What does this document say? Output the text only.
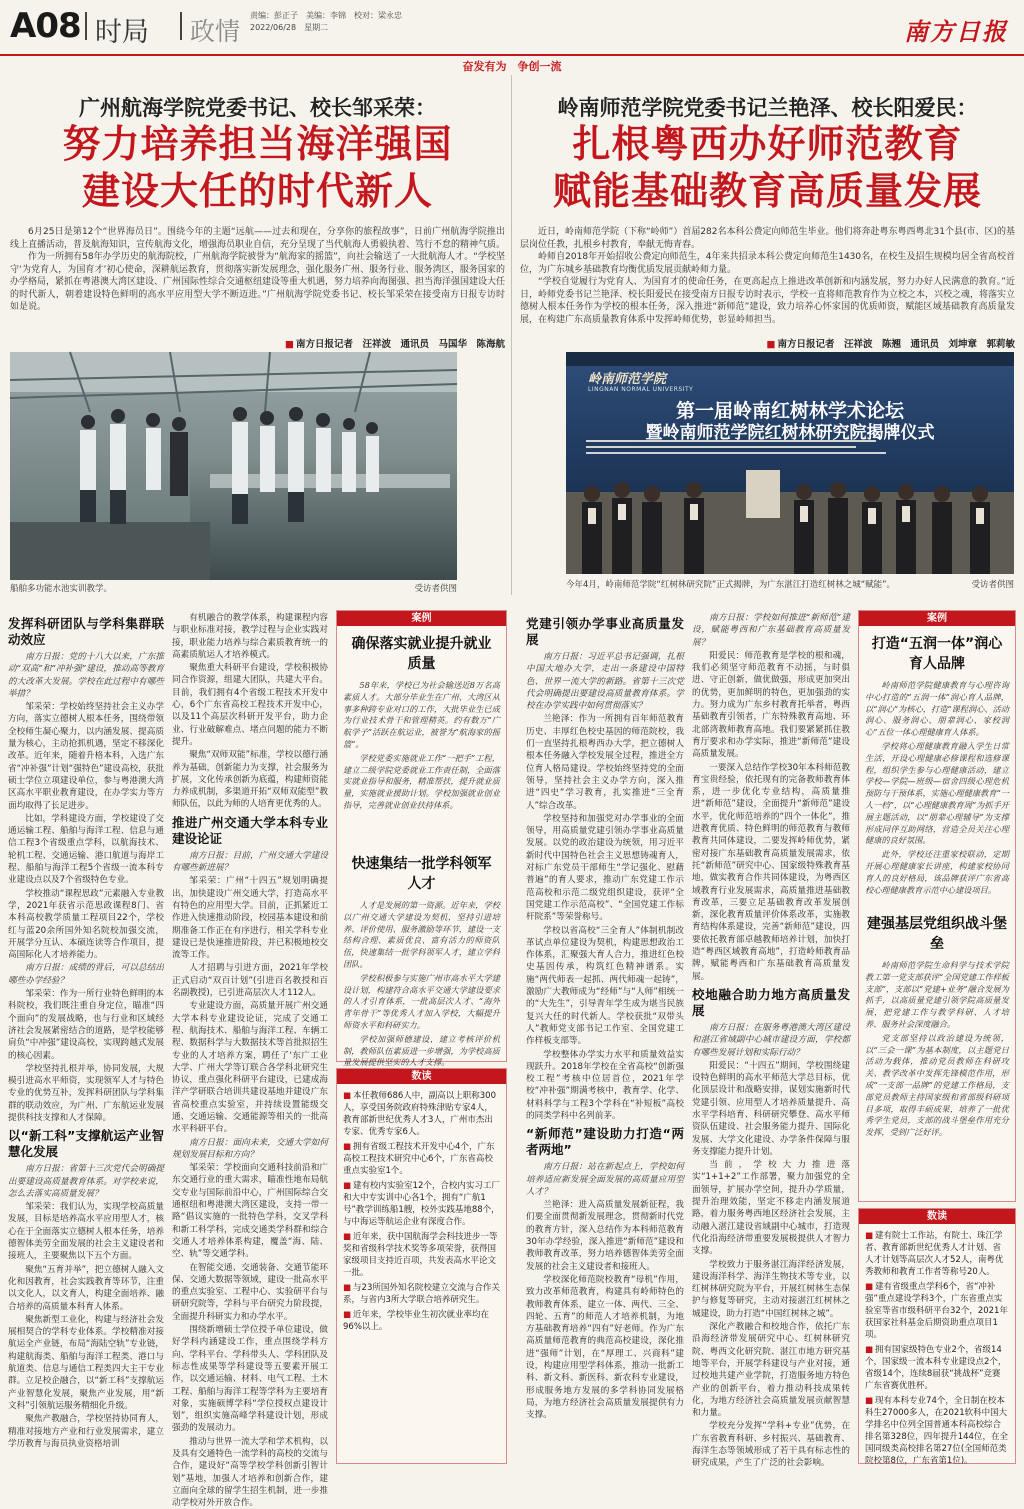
A08 时局 政情
责编：彭正子 美编：李锦 校对：梁永忠
2022/06/28 星期二	南方日报
奋发有为　争创一流
广州航海学院党委书记、校长邹采荣：
努力培养担当海洋强国
建设大任的时代新人

6月25日是第12个“世界海员日”。围绕今年的主题“远航——过去和现在，分享你的旅程故事”，日前广州航海学院推出线上直播活动，普及航海知识，宣传航海文化，增强海员职业自信，充分呈现了当代航海人勇毅执着、笃行不怠的精神气质。

作为一所拥有58年办学历史的航海院校，广州航海学院被誉为“航海家的摇篮”，向社会输送了一大批航海人才。“学校坚守‘为党育人，为国育才’初心使命，深耕航运教育，贯彻落实新发展理念，强化服务广州、服务行业、服务湾区，服务国家的办学格局，紧抓在粤港澳大湾区建设、广州国际性综合交通枢纽建设等重大机遇，努力培养向海图强、担当海洋强国建设大任的时代新人，朝着建设特色鲜明的高水平应用型大学不断迈进。”广州航海学院党委书记、校长邹采荣在接受南方日报专访时如是说。

■ 南方日报记者　汪祥波　通讯员　马国华　陈海航
船舶多功能水池实训教学。	受访者供图

发挥科研团队与学科集群联动效应

南方日报：党的十八大以来，广东推动“双高”和“冲补强”建设，推动高等教育的大改革大发展。学校在此过程中有哪些举措？

邹采荣：学校始终坚持社会主义办学方向，落实立德树人根本任务，围绕带领全校师生凝心聚力，以内涵发展、提高质量为核心，主动抢抓机遇，坚定不移深化改革。近年来，随着升格本科，入选广东省“冲补强”计划“强特色”建设高校，获批硕士学位立项建设单位，参与粤港澳大湾区高水平职业教育建设，在办学实力等方面均取得了长足进步。

比如，学科建设方面，学校建设了交通运输工程、船舶与海洋工程、信息与通信工程3个省级重点学科，以航海技术、轮机工程、交通运输、港口航道与海岸工程、船舶与海洋工程5个省级一流本科专业建设点以及7个省级特色专业。

学校推动“课程思政”元素融入专业教学，2021年获省示范思政课程8门、省本科高校教学质量工程项目22个，学校红与蓝20余所国外知名院校加强交流，开展学分互认、本硕连读等合作项目，提高国际化人才培养能力。

南方日报：成绩的背后，可以总结出哪些办学经验？

邹采荣：作为一所行业特色鲜明的本科院校，我们既注重自身定位，瞄准“四个面向”的发展战略，也与行业和区域经济社会发展紧密结合的道路，是学校能够肩负“中冲强”建设高校，实现跨越式发展的核心因素。

学校坚持扎根并举，协同发展，大规模引进高水平师资，实现领军人才与特色专业的优势互补，发挥科研团队与学科集群的联动效应，为广州、广东航运业发展提供科技支撑和人才保障。

以“新工科”支撑航运产业智慧化发展

南方日报：省第十三次党代会明确提出要建设高质量教育体系。对学校来说，怎么去落实高质量发展？

邹采荣：我们认为，实现学校高质量发展，目标是培养高水平应用型人才，核心在于全面落实立德树人根本任务，培养德智体美劳全面发展的社会主义建设者和接班人，主要聚焦以下五个方面。

聚焦“五育并举”，把立德树人融入文化和因教育，社会实践教育等环节，注重以文化人，以文育人，构建全面培养、融合培养的高质量本科育人体系。

聚焦新型工业化，构建与经济社会发展相契合的学科专业体系。学校精准对接航运全产业链，布局“海陆空轨”专业链，构建航海类、船舶与海洋工程类、港口与航道类、信息与通信工程类四大主干专业群。立足校企融合，以“新工科”支撑航运产业智慧化发展，聚焦产业发展，用“新文科”引领航运服务精细化升级。

聚焦产教融合，学校坚持协同育人，精准对接地方产业和行业发展需求，建立学历教育与海员执业资格培训

有机融合的教学体系，构建课程内容与职业标准对接，教学过程与企业实践对接，职业能力培养与综合素质教育统一的高素质航运人才培养模式。

聚焦重大科研平台建设，学校积极协同合作资源，组建大团队，共建大平台。目前，我们拥有4个省级工程技术开发中心，6个广东省高校工程技术开发中心，以及11个高层次科研开发平台，助力企业、行业破解难点、堵点问题的能力不断提升。

聚焦“双师双能”标准，学校以德行涵养为基础，创新能力为支撑，社会服务为扩展，文化传承创新为底蕴，构建师资能力养成机制，多渠道开拓“双师双能型”教师队伍，以此为师的人培育更优秀的人。

推进广州交通大学本科专业建设论证

南方日报：目前，广州交通大学建设有哪些新进展？

邹采荣：广州“十四五”规划明确提出，加快建设广州交通大学，打造高水平有特色的应用型大学。目前，正抓紧近工作进入快速推动阶段，校园基本建设和前期准备工作正在有序进行，相关学科专业建设已是快速推进阶段，并已积极地校交流等工作。

人才招聘与引进方面，2021年学校正式启动“双百计划”(引进百名教授和百名副教授)，已引进高层次人才112人。

专业建设方面，高质量开展广州交通大学本科专业建设论证，完成了交通工程、航海技术、船舶与海洋工程、车辆工程、数据科学与大数据技术等首批拟招生专业的人才培养方案，聘任了‘东广工业大学、广州大学等订联合各学科北研究生协议，重点强化科研平台建设，已建成海洋产学研联合培训共建设基地并建设广东省高校重点实验室，并持续设置能级交通、交通运输、交通能源等相关的一批高水平科研平台。

南方日报：面向未来，交通大学如何规划发展目标和方向？

邹采荣：学校面向交通科技前沿和广东交通行业的重大需求，瞄准性地布局航交专业与国际前沿中心，广州国际综合交通枢纽和粤港澳大湾区建设，支持一带一路“倡议实施的一批特色学科，交叉学科和新工科学科，完成交通类学科群和综合交通人才培养体系构建，覆盖“海、陆、空、轨”等交通学科。

在智能交通、交通装备、交通节能环保、交通大数据等领域，建设一批高水平的重点实验室、工程中心、实验研平台与研研究院等，学科与平台研究力阶段提，全面提升科研实力和办学水平。

围绕新增硕士学位授予单位建设，做好学科内涵建设工作，重点围绕学科方向、学科平台、学科带头人、学科团队及标志性成果等学科建设等五要素开展工作，以交通运输、材料、电气工程、土木工程、船舶与海洋工程等学科为主要培育对象，实施硕博学科“学位授权点建设计划”，组织实施高峰学科建设计划，形成强劲的发展动力。

推动与世界一流大学和学术机构，以及具有交通特色一流学科的高校的交流与合作，建设好“高等学校学科创新引智计划”基地，加强人才培养和创新合作，建立面向全球的留学生招生机制，进一步推动学校对外开放合作。

案例
确保落实就业提升就业质量

58年来，学校已为社会输送近8万名高素质人才。大部分毕业生在广州、大湾区从事多种跨专业对口的工作，大批毕业生已成为行业技术骨干和管理精英。约有数万“广航学子”活跃在航运业，被誉为“航海家的摇篮”。

学校党委实施就业工作“一把手”工程，建立二级学院党委就业工作责任制，全面落实就业指导和服务，精准帮扶，提升就业质量，实施就业援助计划。学校加强就业创业指导，完善就业创业扶持体系。

快速集结一批学科领军人才

人才是发展的第一资源。近年来，学校以广州交通大学建设为契机，坚持引进培养、评价使用、服务激励等环节，建设一支结构合理、素质优良、富有活力的师资队伍，快速集结一批学科领军人才，建立学科团队。

学校积极参与实施广州市高水平大学建设计划，构建符合高水平交通大学建设要求的人才引育体系，一批高层次人才、“海外青年骨干”等优秀人才加入学校，大幅提升师资水平和科研实力。

学校加强师德建设，建立考核评价机制，教师队伍素质进一步增强，为学校高质量发展提供坚实的人才支撑。

数读

■ 本任教师686人中，副高以上职称300人，享受国务院政府特殊津贴专家4人，教育部新世纪优秀人才3人，广州市杰出专家、优秀专家6人。

■ 拥有省级工程技术开发中心4个，广东高校工程技术研究中心6个，广东省高校重点实验室1个。

■ 建有校内实验室12个，合校内实习工厂和大中专实训中心各1个，拥有“广航1号”教学训练船1艘，校外实践基地88个，与中海运等航运企业有深度合作。

■ 近年来，获中国航海学会科技进步一等奖和省级科学技术奖等多项荣誉，获得国家级项目支持近百项，共发表高水平论文一批。

■ 与23所国外知名院校建立交流与合作关系，与省内3所大学联合培养研究生。

■ 近年来，学校毕业生初次就业率均在96%以上。

岭南师范学院党委书记兰艳泽、校长阳爱民：
扎根粤西办好师范教育
赋能基础教育高质量发展

近日，岭南师范学院（下称“岭师”）首届282名本科公费定向师范生毕业。他们将奔赴粤东粤西粤北31个县(市、区)的基层岗位任教，扎根乡村教育，奉献无悔青春。

岭师自2018年开始招收公费定向师范生，4年来共招录本科公费定向师范生1430名，在校生及招生规模均居全省高校首位，为广东城乡基础教育均衡优质发展贡献岭师力量。

“学校自觉履行为党育人、为国育才的使命任务，在更高起点上推进改革创新和内涵发展，努力办好人民满意的教育。”近日，岭师党委书记兰艳泽、校长阳爱民在接受南方日报专访时表示，学校一直将师范教育作为立校之本，兴校之魂，将落实立德树人根本任务作为学校的根本任务，深入推进“新师范”建设，致力培养心怀家国的优质师资，赋能区域基础教育高质量发展，在构建广东高质量教育体系中发挥岭师优势，彰显岭师担当。

■ 南方日报记者　汪祥波　陈翘　通讯员　刘坤章　郭莉敏
岭南师范学院
LINGNAN NORMAL UNIVERSITY
第一届岭南红树林学术论坛
暨岭南师范学院红树林研究院揭牌仪式
今年4月，岭南师范学院“红树林研究院”正式揭牌，为广东湛江打造红树林之城“赋能”。	受访者供图

党建引领办学事业高质量发展

南方日报：习近平总书记强调，扎根中国大地办大学，走出一条建设中国特色、世界一流大学的新路。省第十三次党代会明确提出要建设高质量教育体系。学校在办学实践中如何贯彻落实？

兰艳泽：作为一所拥有百年师范教育历史、丰厚红色校史基因的师范院校，我们一直坚持扎根粤西办大学，把立德树人根本任务融入学校发展全过程，推进全方位育人格局建设。学校始终坚持党的全面领导，坚持社会主义办学方向，深入推进“四史”学习教育，扎实推进“三全育人”综合改革。

学校坚持和加强党对办学事业的全面领导，用高质量党建引领办学事业高质量发展。以党的政治建设为统领，用习近平新时代中国特色社会主义思想铸魂育人，对标广东党员干部师生“学记强化、慰藉普遍”的育人要求，推动广东党建工作示范高校和示范二级党组织建设，获评“全国党建工作示范高校”、“全国党建工作标杆院系”等荣誉称号。

学校以省高校“三全育人”体制机制改革试点单位建设为契机，构建思想政治工作体系，汇聚强大育人合力，推进红色校史基因传承，构筑红色精神谱系。实施“两代师表一起抓、两代师魂一起铸”，激励广大教师成为“经师”与“人师”相统一的“大先生”，引导青年学生成为堪当民族复兴大任的时代新人。学校获批“双带头人”教师党支部书记工作室、全国党建工作样板支部等。

学校整体办学实力水平和质量效益实现跃升。2018年学校在全省高校“创新强校工程”考核中位居首位，2021年学校“冲补强”期满考核中，教育学、化学、材料科学与工程3个学科在“补短板”高校的同类学科中名列前茅。

“新师范”建设助力打造“两者两地”

南方日报：站在新起点上，学校如何培养适应新发展全面发展的高质量应用型人才？

兰艳泽：进入高质量发展新征程，我们要全面贯彻新发展理念，贯彻新时代党的教育方针，深入总结作为本科师范教育30年办学经验，深入推进“新师范”建设和教师教育改革，努力培养德智体美劳全面发展的社会主义建设者和接班人。

学校深化师范院校教育“母机”作用，致力改革师范教育，构建具有岭师特色的教师教育体系，建立一体、两代、三全、四轮、五育”的师范人才培养机制，为地方基础教育培养“四有”好老师。作为广东高质量师范教育的典范高校建设，深化推进“强师”计划，在“厚理工、兴商科”建设，构建应用型学科体系，推动一批新工科、新文科、新医科、新农科专业建设，形成服务地方发展的多学科协同发展格局，为地方经济社会高质量发展提供有力支撑。

南方日报：学校如何推进“新师范”建设，赋能粤西和广东基础教育高质量发展？

阳爱民：师范教育是学校的根和魂，我们必须坚守师范教育不动摇，与时俱进、守正创新，做优做强，形成更加突出的优势，更加鲜明的特色，更加强劲的实力。努力成为广东乡村教育托举者，粤西基础教育引领者，广东特殊教育高地、环北部湾教师教育高地。我们要紧紧抓住教育厅要求和办学实际，推进“新师范”建设高质量发展。

一要深入总结作学校30年本科师范教育宝贵经验，依托现有的完备教师教育体系，进一步优化专业结构，高质量推进“新师范”建设，全面提升“新师范”建设水平，优化师范培养的“四个一体化”，推进教育优质、特色鲜明的师范教育与教师教育共同体建设，二要发挥岭师优势，紧密对接广东基础教育高质量发展需求，依托“新师范”研究中心、国家级特殊教育基地，做实教育合作共同体建设，为粤西区域教育行业发展需求，高质量推进基础教育改革，三要立足基础教育改革发展创新，深化教育质量评价体系改革，实施教育结构体系建设，完善“新师范”建设，四要依托教育部卓越教师培养计划，加快打造“粤西区域教育高地”，打造岭师教育品牌，赋能粤西和广东基础教育高质量发展。

校地融合助力地方高质量发展

南方日报：在服务粤港澳大湾区建设和湛江省域副中心城市建设方面，学校都有哪些发展计划和实际行动？

阳爱民：“十四五”期间，学校围绕建设特色鲜明的高水平师范大学总目标，优化顶层设计和战略安排，谋划实施新时代党建引领、应用型人才培养质量提升、高水平学科培育、科研研究攀登、高水平师资队伍建设、社会服务能力提升、国际化发展、大学文化建设、办学条件保障与服务支撑能力提升计划。

当前，学校大力推进落实“1+1+2”工作部署，聚力加强党的全面领导，扩展办学空间，提升办学质量，提升治理效能，坚定不移走内涵发展道路，着力服务粤西地区经济社会发展，主动融入湛江建设省域副中心城市，打造现代化沿海经济带重要发展极提供人才智力支撑。

学校致力于服务湛江海洋经济发展，建设海洋科学、海洋生物技术等专业，以红树林研究院为平台，开展红树林生态保护与修复等研究，主动对接湛江红树林之城建设，助力打造“中国红树林之城”。

深化产教融合和校地合作，依托广东沿海经济带发展研究中心、红树林研究院、粤西文化研究院、湛江市地方研究基地等平台，开展学科建设与产业对接，通过校地共建产业学院，打造服务地方特色产业的创新平台，着力推动科技成果转化，为地方经济社会高质量发展贡献智慧和力量。

学校充分发挥“学科+专业”优势，在广东省教育科研、乡村振兴、基础教育、海洋生态等领域形成了若干具有标志性的研究成果，产生了广泛的社会影响。

案例
打造“五润一体”润心育人品牌

岭南师范学院健康教育与心理咨询中心打造的“五润一体”润心育人品牌，以“润心”为核心，打造“课程润心、活动润心、服务润心、朋辈润心、家校润心”五位一体心理健康育人体系。

学校将心理健康教育融入学生日常生活，开设心理健康必修课程和选修课程，组织学生参与心理健康活动，建立学校—学院—班级—宿舍四级心理危机预防与干预体系，实施心理健康教育“一人一档”，以“心理健康教育周”为抓手开展主题活动，以“朋辈心理辅导”为支撑形成同伴互助网络，营造全员关注心理健康的良好氛围。

此外，学校还注重家校联动，定期开展心理健康家长讲座，构建家校协同育人的良好格局，该品牌获评广东省高校心理健康教育示范中心建设项目。

建强基层党组织战斗堡垒

岭南师范学院生命科学与技术学院教工第一党支部获评“全国党建工作样板支部”，支部以“党建+业务”融合发展为抓手，以高质量党建引领学院高质量发展，把党建工作与教学科研、人才培养、服务社会深度融合。

党支部坚持以政治建设为统领，以“三会一课”为基本制度，以主题党日活动为载体，推动党员教师在科研攻关、教学改革中发挥先锋模范作用，形成“一支部一品牌”的党建工作格局，支部党员教师主持国家级和省部级科研项目多项，取得丰硕成果，培养了一批优秀学生党员，支部的战斗堡垒作用充分发挥，受到广泛好评。

数读

■ 建有院士工作站，有院士、珠江学者、教育部新世纪优秀人才计划、省人才计划等高层次人才52人，南粤优秀教师和教育工作者等称号20人。

■ 建有省级重点学科6个，省“冲补强”重点建设学科3个，广东省重点实验室等省市级科研平台32个，2021年获国家社科基金后期资助重点项目1项。

■ 拥有国家级特色专业2个，省级14个，国家级一流本科专业建设点2个，省级14个，连续8届获“挑战杯”竞赛广东省赛优胜杯。

■ 现有本科专业74个，全日制在校本科生27000多人，在2021软科中国大学排名中位列全国普通本科高校综合排名第328位，四年提升144位，在全国同级类高校排名第27位(全国师范类院校第8位，广东省第1位)。
